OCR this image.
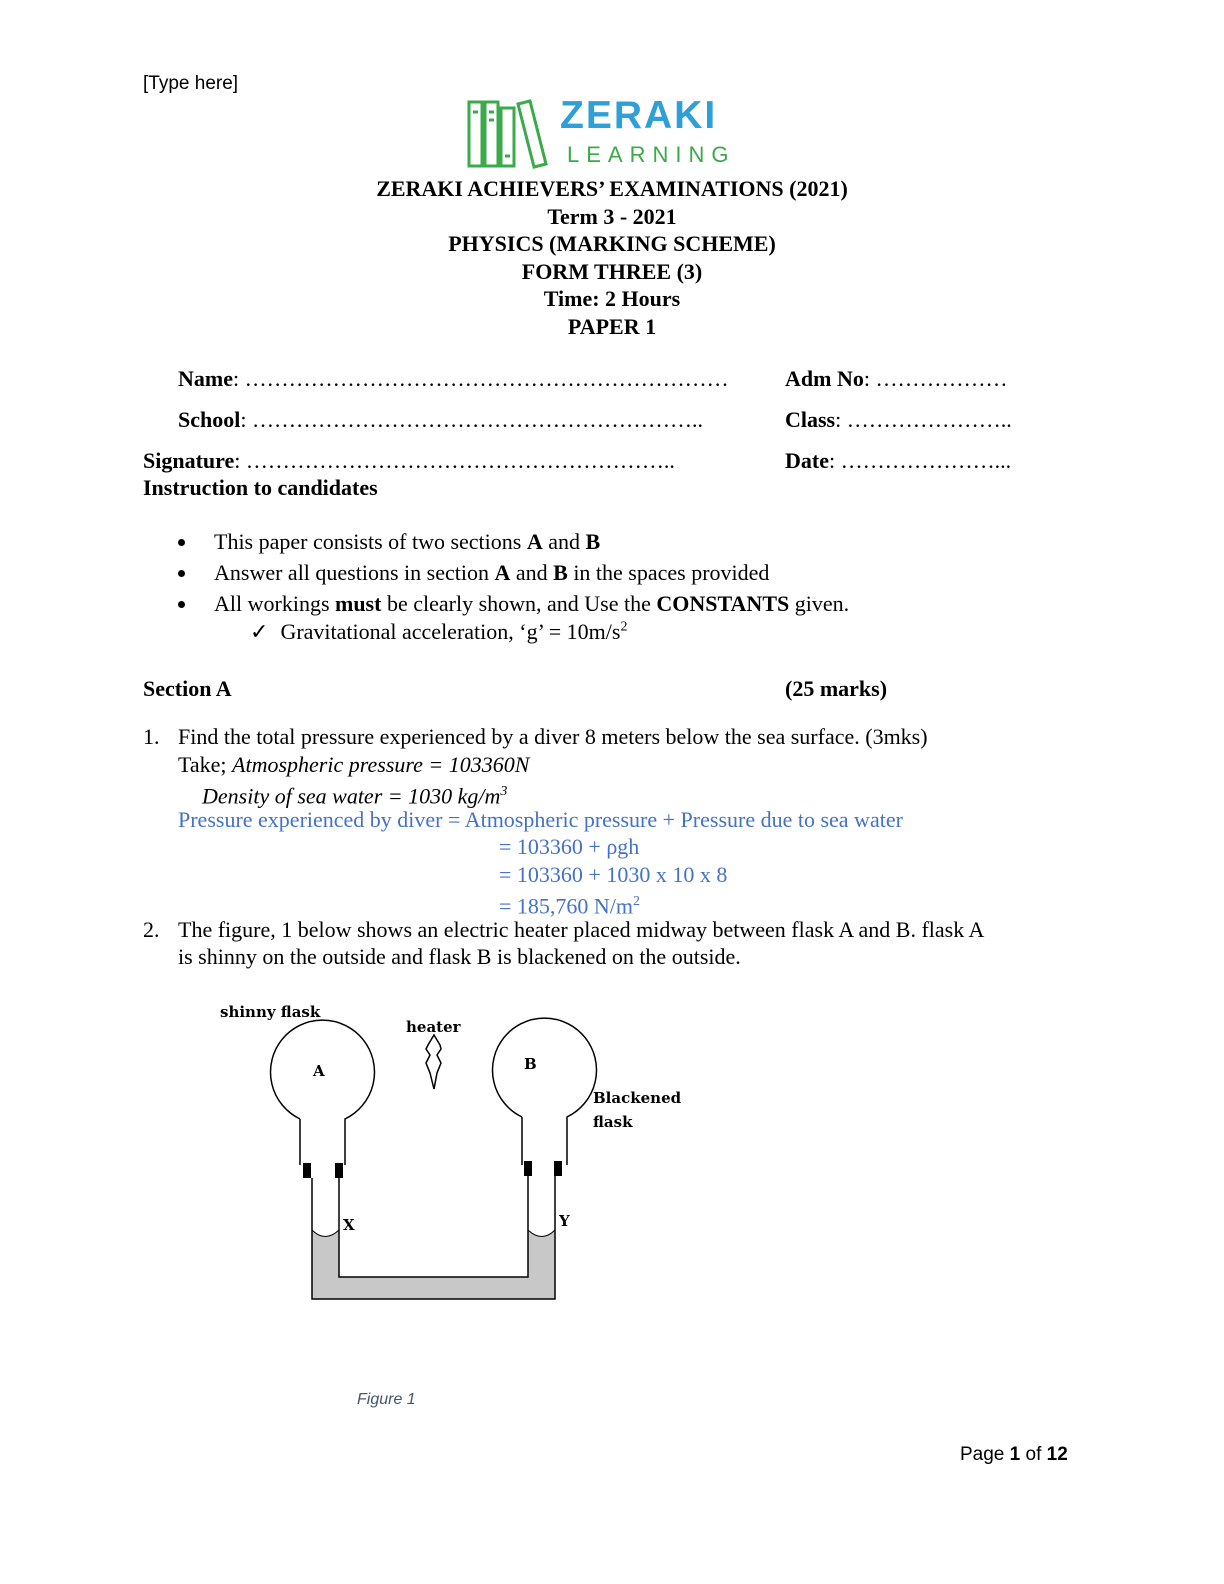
[Type here]
ZERAKI
LEARNING
ZERAKI ACHIEVERS’ EXAMINATIONS (2021)
Term 3 - 2021
PHYSICS (MARKING SCHEME)
FORM THREE (3)
Time: 2 Hours
PAPER 1
Name: …………………………………………………………	Adm No: ………………
School: ……………………………………………………..	Class: …………………..
Signature: …………………………………………………..	Date: …………………...
Instruction to candidates
This paper consists of two sections A and B
Answer all questions in section A and B in the spaces provided
All workings must be clearly shown, and Use the CONSTANTS given.
✓ Gravitational acceleration, ‘g’ = $10m/s^2$
Section A	(25 marks)
1. Find the total pressure experienced by a diver 8 meters below the sea surface. (3mks)
Take; Atmospheric pressure = 103360N
Density of sea water = 1030 $kg/m^3$
Pressure experienced by diver = Atmospheric pressure + Pressure due to sea water
= 103360 + ρgh
= 103360 + 1030 x 10 x 8
= 185,760 $N/m^2$
2. The figure, 1 below shows an electric heater placed midway between flask A and B. flask A
is shinny on the outside and flask B is blackened on the outside.
shinny flask
heater
A	B
Blackened
flask
X	Y
Figure 1
Page 1 of 12
